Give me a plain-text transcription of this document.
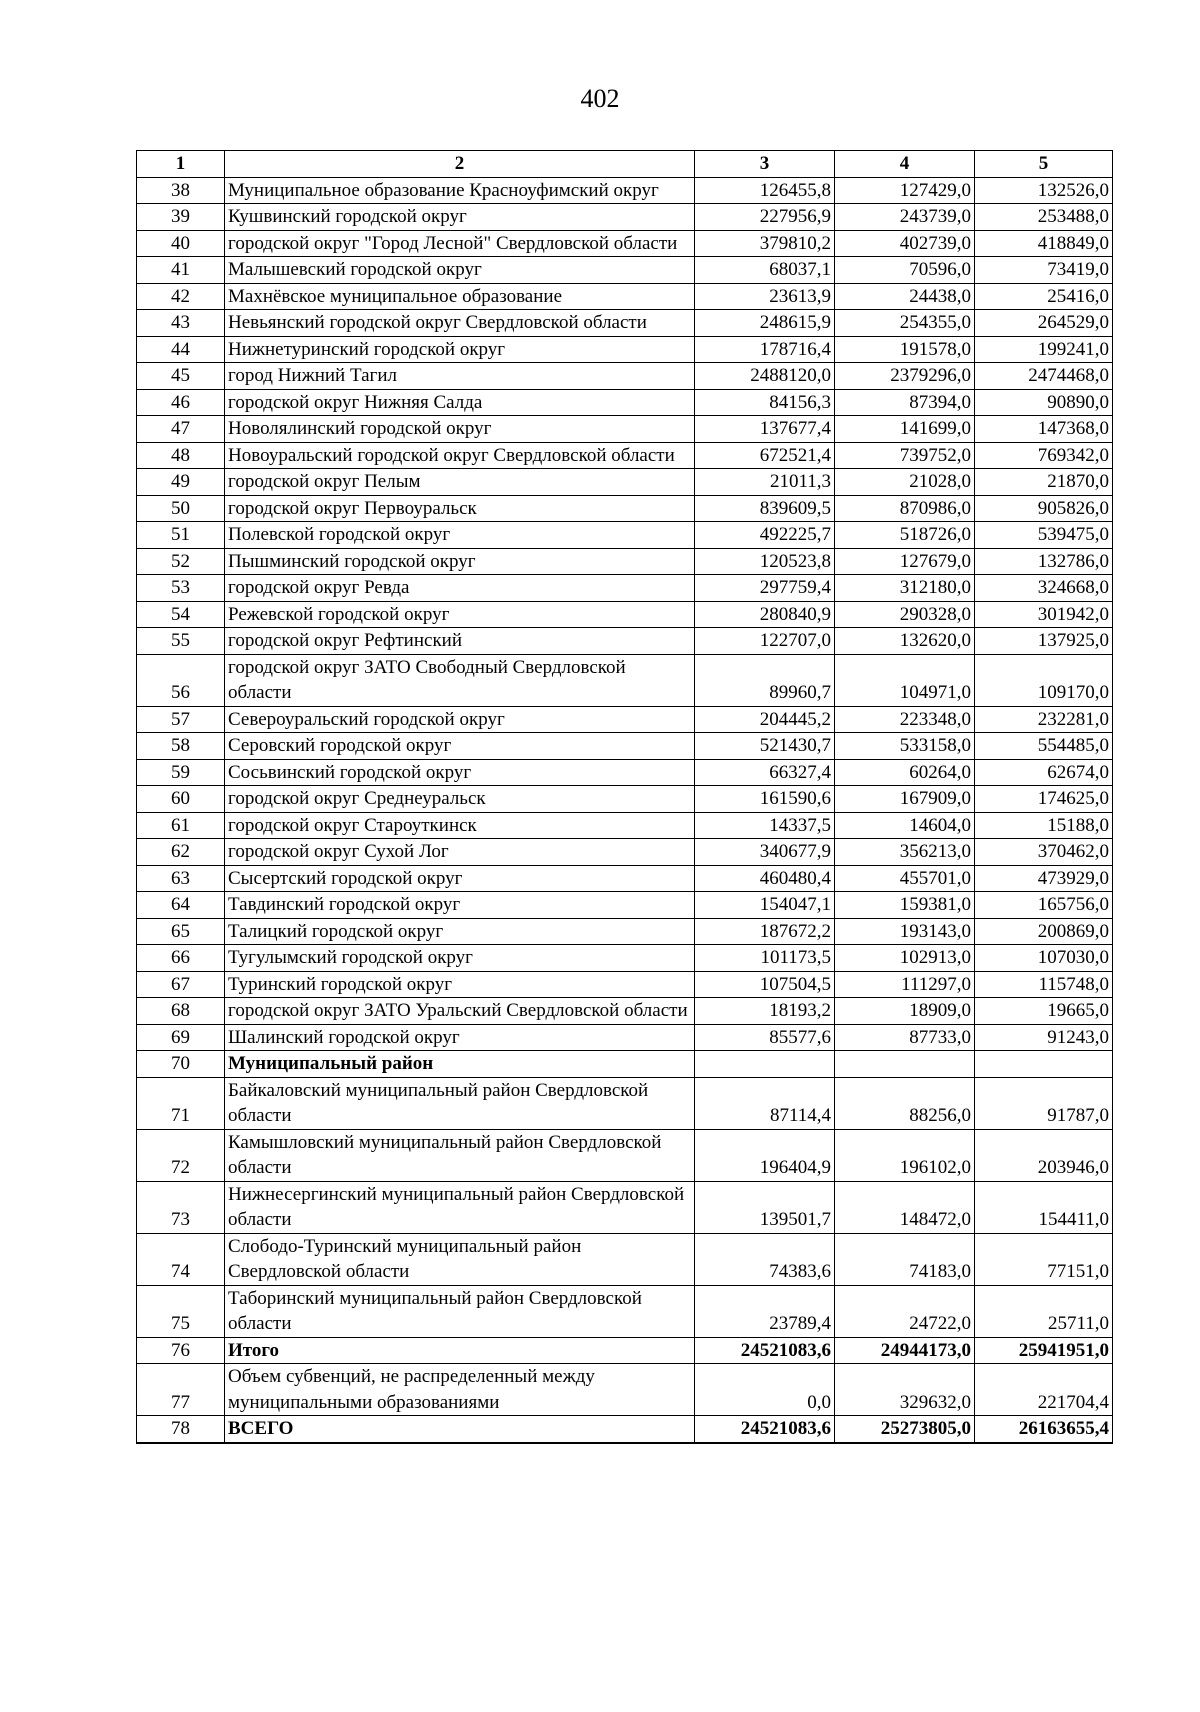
402
1	2	3	4	5
38	Муниципальное образование Красноуфимский округ	126455,8	127429,0	132526,0
39	Кушвинский городской округ	227956,9	243739,0	253488,0
40	городской округ "Город Лесной" Свердловской области	379810,2	402739,0	418849,0
41	Малышевский городской округ	68037,1	70596,0	73419,0
42	Махнёвское муниципальное образование	23613,9	24438,0	25416,0
43	Невьянский городской округ Свердловской области	248615,9	254355,0	264529,0
44	Нижнетуринский городской округ	178716,4	191578,0	199241,0
45	город Нижний Тагил	2488120,0	2379296,0	2474468,0
46	городской округ Нижняя Салда	84156,3	87394,0	90890,0
47	Новолялинский городской округ	137677,4	141699,0	147368,0
48	Новоуральский городской округ Свердловской области	672521,4	739752,0	769342,0
49	городской округ Пелым	21011,3	21028,0	21870,0
50	городской округ Первоуральск	839609,5	870986,0	905826,0
51	Полевской городской округ	492225,7	518726,0	539475,0
52	Пышминский городской округ	120523,8	127679,0	132786,0
53	городской округ Ревда	297759,4	312180,0	324668,0
54	Режевской городской округ	280840,9	290328,0	301942,0
55	городской округ Рефтинский	122707,0	132620,0	137925,0
56	городской округ ЗАТО Свободный Свердловской области	89960,7	104971,0	109170,0
57	Североуральский городской округ	204445,2	223348,0	232281,0
58	Серовский городской округ	521430,7	533158,0	554485,0
59	Сосьвинский городской округ	66327,4	60264,0	62674,0
60	городской округ Среднеуральск	161590,6	167909,0	174625,0
61	городской округ Староуткинск	14337,5	14604,0	15188,0
62	городской округ Сухой Лог	340677,9	356213,0	370462,0
63	Сысертский городской округ	460480,4	455701,0	473929,0
64	Тавдинский городской округ	154047,1	159381,0	165756,0
65	Талицкий городской округ	187672,2	193143,0	200869,0
66	Тугулымский городской округ	101173,5	102913,0	107030,0
67	Туринский городской округ	107504,5	111297,0	115748,0
68	городской округ ЗАТО Уральский Свердловской области	18193,2	18909,0	19665,0
69	Шалинский городской округ	85577,6	87733,0	91243,0
70	Муниципальный район			
71	Байкаловский муниципальный район Свердловской области	87114,4	88256,0	91787,0
72	Камышловский муниципальный район Свердловской области	196404,9	196102,0	203946,0
73	Нижнесергинский муниципальный район Свердловской области	139501,7	148472,0	154411,0
74	Слободо-Туринский муниципальный район Свердловской области	74383,6	74183,0	77151,0
75	Таборинский муниципальный район Свердловской области	23789,4	24722,0	25711,0
76	Итого	24521083,6	24944173,0	25941951,0
77	Объем субвенций, не распределенный между муниципальными образованиями	0,0	329632,0	221704,4
78	ВСЕГО	24521083,6	25273805,0	26163655,4
